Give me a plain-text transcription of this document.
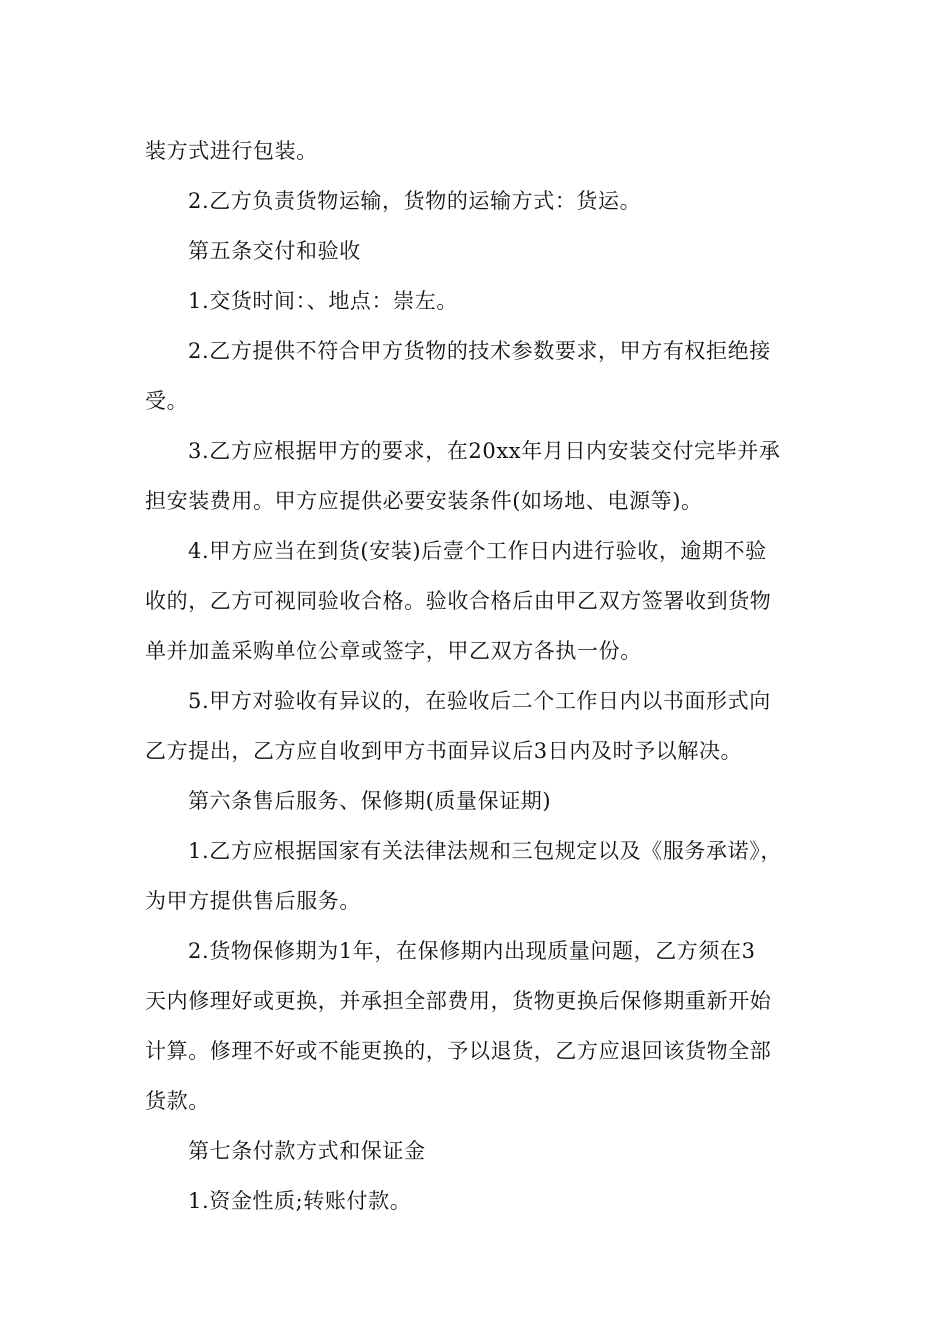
装方式进行包装。
2.乙方负责货物运输，货物的运输方式：货运。
第五条交付和验收
1.交货时间：、地点：崇左。
2.乙方提供不符合甲方货物的技术参数要求，甲方有权拒绝接
受。
3.乙方应根据甲方的要求，在20xx年月日内安装交付完毕并承
担安装费用。甲方应提供必要安装条件(如场地、电源等)。
4.甲方应当在到货(安装)后壹个工作日内进行验收，逾期不验
收的，乙方可视同验收合格。验收合格后由甲乙双方签署收到货物
单并加盖采购单位公章或签字，甲乙双方各执一份。
5.甲方对验收有异议的，在验收后二个工作日内以书面形式向
乙方提出，乙方应自收到甲方书面异议后3日内及时予以解决。
第六条售后服务、保修期(质量保证期)
1.乙方应根据国家有关法律法规和三包规定以及《服务承诺》，
为甲方提供售后服务。
2.货物保修期为1年，在保修期内出现质量问题，乙方须在3
天内修理好或更换，并承担全部费用，货物更换后保修期重新开始
计算。修理不好或不能更换的，予以退货，乙方应退回该货物全部
货款。
第七条付款方式和保证金
1.资金性质;转账付款。
